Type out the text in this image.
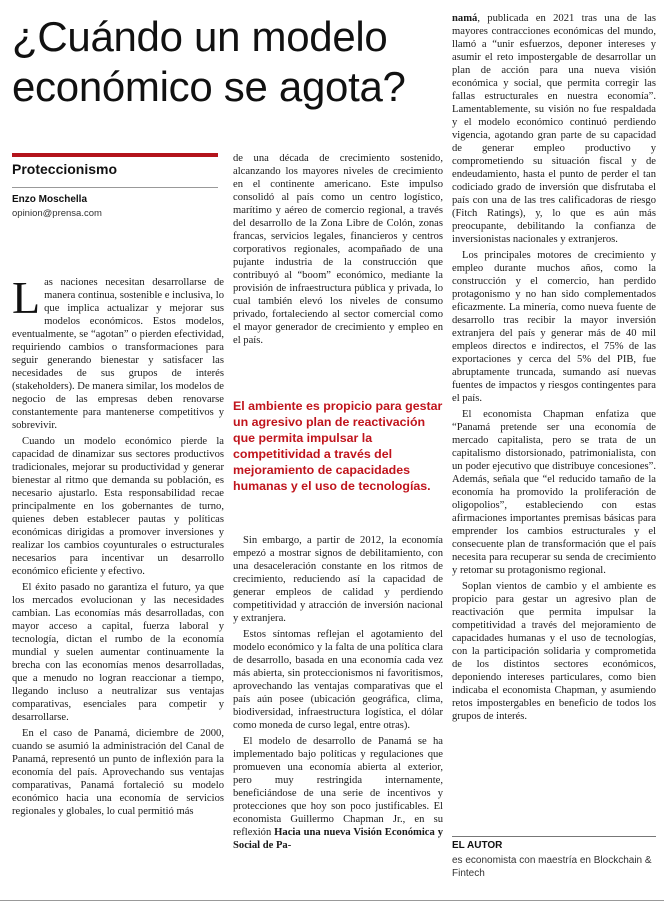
¿Cuándo un modelo económico se agota?
Proteccionismo
Enzo Moschella
opinion@prensa.com

Las naciones necesitan desarrollarse de manera continua, sostenible e inclusiva, lo que implica actualizar y mejorar sus modelos económicos. Estos modelos, eventualmente, se “agotan” o pierden efectividad, requiriendo cambios o transformaciones para seguir generando bienestar y satisfacer las necesidades de sus grupos de interés (stakeholders). De manera similar, los modelos de negocio de las empresas deben renovarse constantemente para mantenerse competitivos y sobrevivir.

Cuando un modelo económico pierde la capacidad de dinamizar sus sectores productivos tradicionales, mejorar su productividad y generar bienestar al ritmo que demanda su población, es necesario ajustarlo. Esta responsabilidad recae principalmente en los gobernantes de turno, quienes deben establecer pautas y políticas económicas dirigidas a promover inversiones y realizar los cambios coyunturales o estructurales necesarios para incentivar un desarrollo económico eficiente y efectivo.

El éxito pasado no garantiza el futuro, ya que los mercados evolucionan y las necesidades cambian. Las economías más desarrolladas, con mayor acceso a capital, fuerza laboral y tecnología, dictan el rumbo de la economía mundial y suelen aumentar continuamente la brecha con las economías menos desarrolladas, que a menudo no logran reaccionar a tiempo, llegando incluso a neutralizar sus ventajas comparativas, esenciales para competir y desarrollarse.

En el caso de Panamá, diciembre de 2000, cuando se asumió la administración del Canal de Panamá, representó un punto de inflexión para la economía del país. Aprovechando sus ventajas comparativas, Panamá fortaleció su modelo económico hacia una economía de servicios regionales y globales, lo cual permitió más

de una década de crecimiento sostenido, alcanzando los mayores niveles de crecimiento en el continente americano. Este impulso consolidó al país como un centro logístico, marítimo y aéreo de comercio regional, a través del desarrollo de la Zona Libre de Colón, zonas francas, servicios legales, financieros y centros corporativos regionales, acompañado de una pujante industria de la construcción que contribuyó al “boom” económico, mediante la provisión de infraestructura pública y privada, lo cual también elevó los niveles de consumo privado, fortaleciendo al sector comercial como el mayor generador de crecimiento y empleo en el país.

El ambiente es propicio para gestar un agresivo plan de reactivación que permita impulsar la competitividad a través del mejoramiento de capacidades humanas y el uso de tecnologías.

Sin embargo, a partir de 2012, la economía empezó a mostrar signos de debilitamiento, con una desaceleración constante en los ritmos de crecimiento, reduciendo así la capacidad de generar empleos de calidad y perdiendo competitividad y atracción de inversión nacional y extranjera.

Estos síntomas reflejan el agotamiento del modelo económico y la falta de una política clara de desarrollo, basada en una economía cada vez más abierta, sin proteccionismos ni favoritismos, aprovechando las ventajas comparativas que el país aún posee (ubicación geográfica, clima, biodiversidad, infraestructura logística, el dólar como moneda de curso legal, entre otras).

El modelo de desarrollo de Panamá se ha implementado bajo políticas y regulaciones que promueven una economía abierta al exterior, pero muy restringida internamente, beneficiándose de una serie de incentivos y protecciones que hoy son poco justificables. El economista Guillermo Chapman Jr., en su reflexión Hacia una nueva Visión Económica y Social de Pa-

namá, publicada en 2021 tras una de las mayores contracciones económicas del mundo, llamó a “unir esfuerzos, deponer intereses y asumir el reto impostergable de desarrollar un plan de acción para una nueva visión económica y social, que permita corregir las fallas estructurales en nuestra economía”. Lamentablemente, su visión no fue respaldada y el modelo económico continuó perdiendo vigencia, agotando gran parte de su capacidad de generar empleo productivo y comprometiendo su situación fiscal y de endeudamiento, hasta el punto de perder el tan codiciado grado de inversión que disfrutaba el país con una de las tres calificadoras de riesgo (Fitch Ratings), y, lo que es aún más preocupante, debilitando la confianza de inversionistas nacionales y extranjeros.

Los principales motores de crecimiento y empleo durante muchos años, como la construcción y el comercio, han perdido protagonismo y no han sido complementados eficazmente. La minería, como nueva fuente de desarrollo tras recibir la mayor inversión extranjera del país y generar más de 40 mil empleos directos e indirectos, el 75% de las exportaciones y cerca del 5% del PIB, fue abruptamente truncada, sumando así nuevas fuentes de impactos y riesgos contingentes para el país.

El economista Chapman enfatiza que “Panamá pretende ser una economía de mercado capitalista, pero se trata de un capitalismo distorsionado, patrimonialista, con un poder ejecutivo que distribuye concesiones”. Además, señala que “el reducido tamaño de la economía ha promovido la proliferación de oligopolios”, estableciendo con estas afirmaciones importantes premisas básicas para emprender los cambios estructurales y el consecuente plan de transformación que el país necesita para recuperar su senda de crecimiento y retomar su protagonismo regional.

Soplan vientos de cambio y el ambiente es propicio para gestar un agresivo plan de reactivación que permita impulsar la competitividad a través del mejoramiento de capacidades humanas y el uso de tecnologías, con la participación solidaria y comprometida de los distintos sectores económicos, deponiendo intereses particulares, como bien indicaba el economista Chapman, y asumiendo retos impostergables en beneficio de todos los grupos de interés.

EL AUTOR
es economista con maestría en Blockchain & Fintech
